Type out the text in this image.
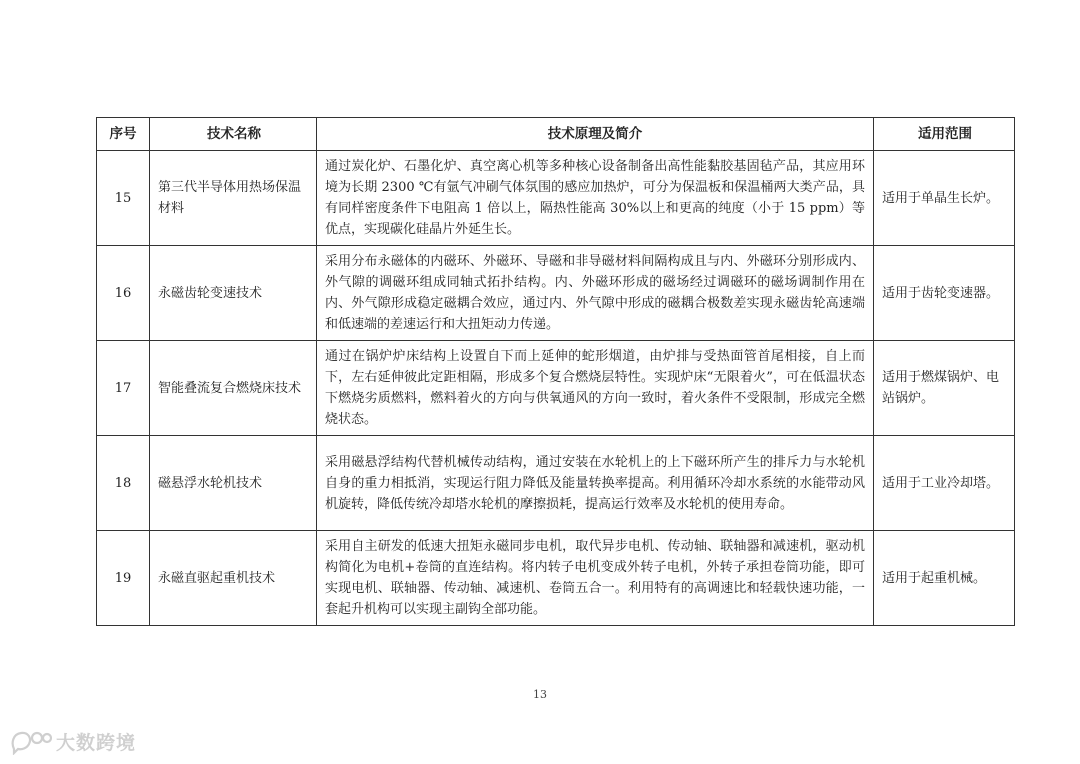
序号	技术名称	技术原理及简介	适用范围
15	第三代半导体用热场保温材料	通过炭化炉、石墨化炉、真空离心机等多种核心设备制备出高性能黏胶基固毡产品，其应用环境为长期 2300 ℃有氩气冲刷气体氛围的感应加热炉，可分为保温板和保温桶两大类产品，具有同样密度条件下电阻高 1 倍以上，隔热性能高 30%以上和更高的纯度（小于 15 ppm）等优点，实现碳化硅晶片外延生长。	适用于单晶生长炉。
16	永磁齿轮变速技术	采用分布永磁体的内磁环、外磁环、导磁和非导磁材料间隔构成且与内、外磁环分别形成内、外气隙的调磁环组成同轴式拓扑结构。内、外磁环形成的磁场经过调磁环的磁场调制作用在内、外气隙形成稳定磁耦合效应，通过内、外气隙中形成的磁耦合极数差实现永磁齿轮高速端和低速端的差速运行和大扭矩动力传递。	适用于齿轮变速器。
17	智能叠流复合燃烧床技术	通过在锅炉炉床结构上设置自下而上延伸的蛇形烟道，由炉排与受热面管首尾相接，自上而下，左右延伸彼此定距相隔，形成多个复合燃烧层特性。实现炉床“无限着火”，可在低温状态下燃烧劣质燃料，燃料着火的方向与供氧通风的方向一致时，着火条件不受限制，形成完全燃烧状态。	适用于燃煤锅炉、电站锅炉。
18	磁悬浮水轮机技术	采用磁悬浮结构代替机械传动结构，通过安装在水轮机上的上下磁环所产生的排斥力与水轮机自身的重力相抵消，实现运行阻力降低及能量转换率提高。利用循环冷却水系统的水能带动风机旋转，降低传统冷却塔水轮机的摩擦损耗，提高运行效率及水轮机的使用寿命。	适用于工业冷却塔。
19	永磁直驱起重机技术	采用自主研发的低速大扭矩永磁同步电机，取代异步电机、传动轴、联轴器和减速机，驱动机构简化为电机+卷筒的直连结构。将内转子电机变成外转子电机，外转子承担卷筒功能，即可实现电机、联轴器、传动轴、减速机、卷筒五合一。利用特有的高调速比和轻载快速功能，一套起升机构可以实现主副钩全部功能。	适用于起重机械。
13
大数跨境
